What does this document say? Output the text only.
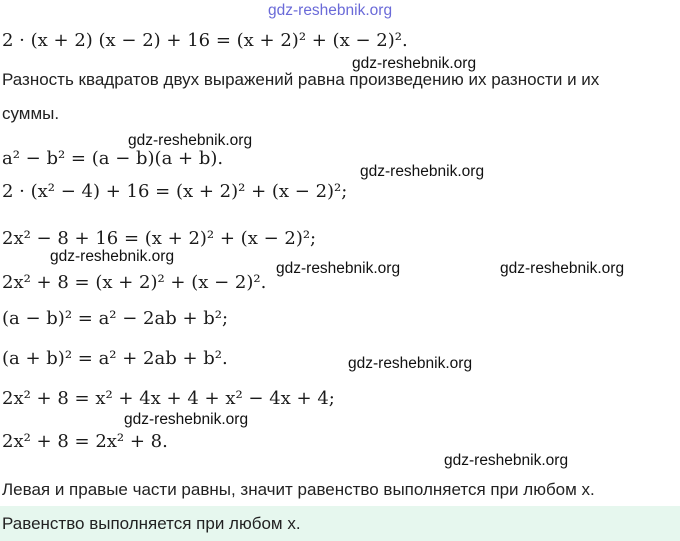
gdz-reshebnik.org
gdz-reshebnik.org
gdz-reshebnik.org
gdz-reshebnik.org
gdz-reshebnik.org
gdz-reshebnik.org	gdz-reshebnik.org
gdz-reshebnik.org
gdz-reshebnik.org
gdz-reshebnik.org
2 · (x + 2) (x − 2) + 16 = (x + 2)² + (x − 2)².
Разность квадратов двух выражений равна произведению их разности и их
суммы.
a² − b² = (a − b)(a + b).
2 · (x² − 4) + 16 = (x + 2)² + (x − 2)²;
2x² − 8 + 16 = (x + 2)² + (x − 2)²;
2x² + 8 = (x + 2)² + (x − 2)².
(a − b)² = a² − 2ab + b²;
(a + b)² = a² + 2ab + b².
2x² + 8 = x² + 4x + 4 + x² − 4x + 4;
2x² + 8 = 2x² + 8.
Левая и правые части равны, значит равенство выполняется при любом x.
Равенство выполняется при любом x.
